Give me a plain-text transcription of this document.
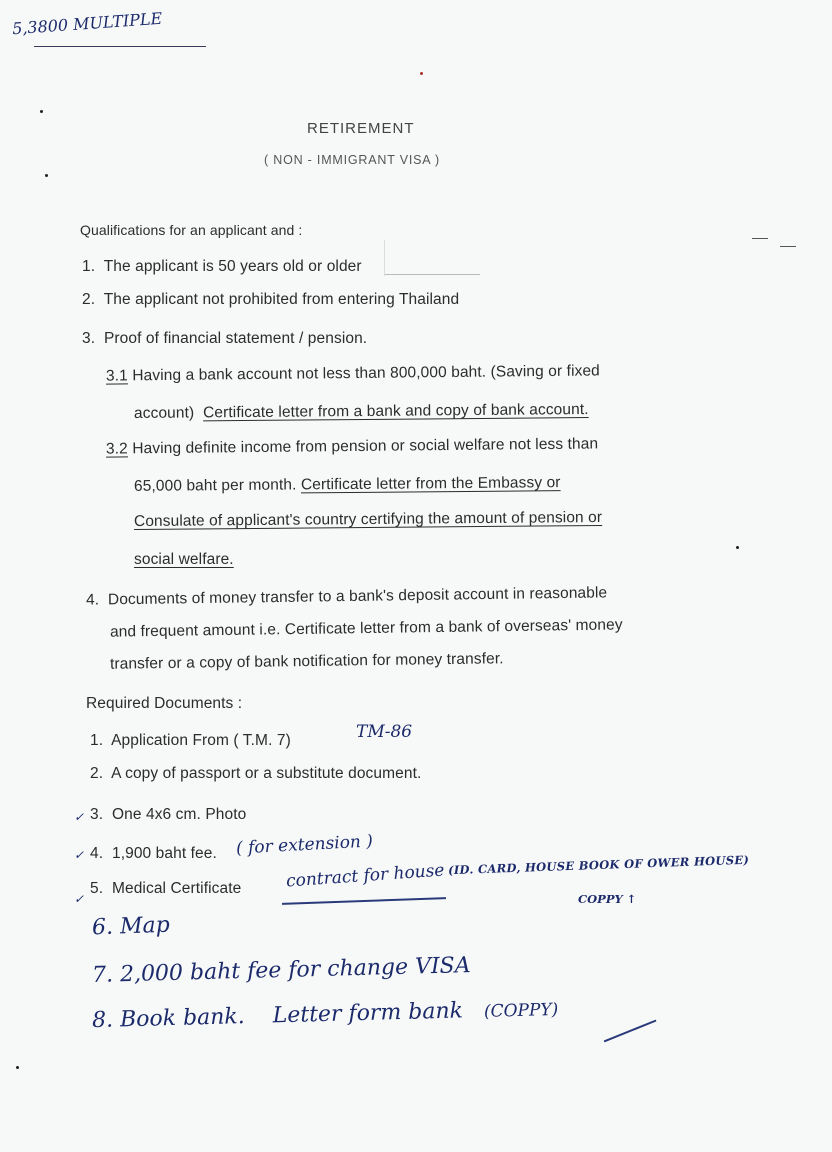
5,3800 MULTIPLE
RETIREMENT
( NON - IMMIGRANT VISA )
Qualifications for an applicant and :
1. The applicant is 50 years old or older
2. The applicant not prohibited from entering Thailand
3. Proof of financial statement / pension.
3.1 Having a bank account not less than 800,000 baht. (Saving or fixed
account) Certificate letter from a bank and copy of bank account.
3.2 Having definite income from pension or social welfare not less than
65,000 baht per month. Certificate letter from the Embassy or
Consulate of applicant's country certifying the amount of pension or
social welfare.
4. Documents of money transfer to a bank's deposit account in reasonable
and frequent amount i.e. Certificate letter from a bank of overseas' money
transfer or a copy of bank notification for money transfer.
Required Documents :
1. Application From ( T.M. 7)	TM-86
2. A copy of passport or a substitute document.
3. One 4x6 cm. Photo
✓
4. 1,900 baht fee.
✓	( for extension )
5. Medical Certificate
✓
contract for house (ID. CARD, HOUSE BOOK OF OWER HOUSE)
COPPY ↑
6. Map
7. 2,000 baht fee for change VISA
8. Book bank. Letter form bank (COPPY)
